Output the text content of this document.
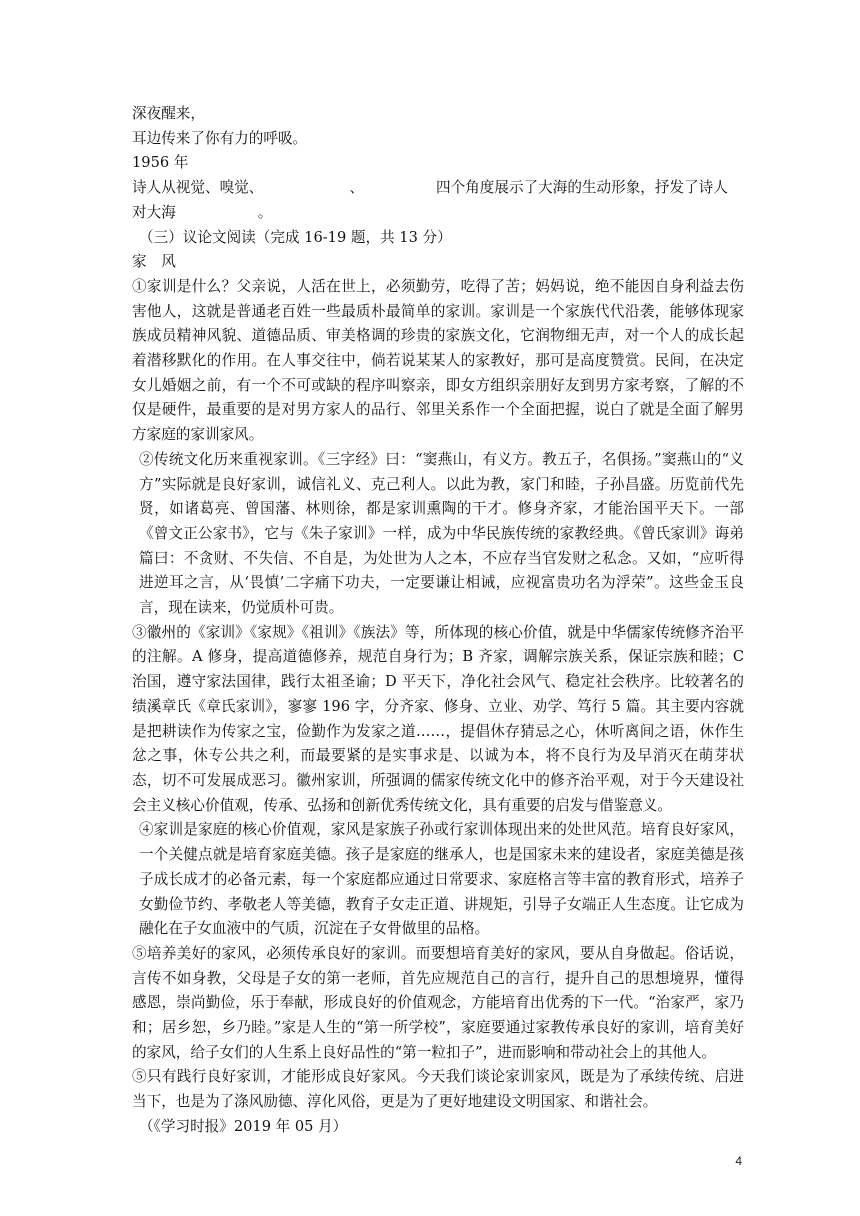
深夜醒来，

耳边传来了你有力的呼吸。

1956 年

诗人从视觉、嗅觉、	、	四个角度展示了大海的生动形象，抒发了诗人

对大海	。

（三）议论文阅读（完成 16-19 题，共 13 分）

家　风

①家训是什么？父亲说，人活在世上，必须勤劳，吃得了苦；妈妈说，绝不能因自身利益去伤害他人，这就是普通老百姓一些最质朴最简单的家训。家训是一个家族代代沿袭，能够体现家族成员精神风貌、道德品质、审美格调的珍贵的家族文化，它润物细无声，对一个人的成长起着潜移默化的作用。在人事交往中，倘若说某某人的家教好，那可是高度赞赏。民间，在决定女儿婚姻之前，有一个不可或缺的程序叫察亲，即女方组织亲朋好友到男方家考察，了解的不仅是硬件，最重要的是对男方家人的品行、邻里关系作一个全面把握，说白了就是全面了解男方家庭的家训家风。

②传统文化历来重视家训。《三字经》曰：“窦燕山，有义方。教五子，名俱扬。”窦燕山的“义方”实际就是良好家训，诚信礼义、克己利人。以此为教，家门和睦，子孙昌盛。历览前代先贤，如诸葛亮、曾国藩、林则徐，都是家训熏陶的干才。修身齐家，才能治国平天下。一部《曾文正公家书》，它与《朱子家训》一样，成为中华民族传统的家教经典。《曾氏家训》诲弟篇曰：不贪财、不失信、不自是，为处世为人之本，不应存当官发财之私念。又如，“应听得进逆耳之言，从‘畏慎’二字痛下功夫，一定要谦让相诫，应视富贵功名为浮荣”。这些金玉良言，现在读来，仍觉质朴可贵。

③徽州的《家训》《家规》《祖训》《族法》等，所体现的核心价值，就是中华儒家传统修齐治平的注解。A 修身，提高道德修养，规范自身行为；B 齐家，调解宗族关系，保证宗族和睦；C 治国，遵守家法国律，践行太祖圣谕；D 平天下，净化社会风气、稳定社会秩序。比较著名的绩溪章氏《章氏家训》，寥寥 196 字，分齐家、修身、立业、劝学、笃行 5 篇。其主要内容就是把耕读作为传家之宝，俭勤作为发家之道……，提倡休存猜忌之心，休听离间之语，休作生忿之事，休专公共之利，而最要紧的是实事求是、以诚为本，将不良行为及早消灭在萌芽状态，切不可发展成恶习。徽州家训，所强调的儒家传统文化中的修齐治平观，对于今天建设社会主义核心价值观，传承、弘扬和创新优秀传统文化，具有重要的启发与借鉴意义。

④家训是家庭的核心价值观，家风是家族子孙或行家训体现出来的处世风范。培育良好家风，一个关健点就是培育家庭美德。孩子是家庭的继承人，也是国家未来的建设者，家庭美德是孩子成长成才的必备元素，每一个家庭都应通过日常要求、家庭格言等丰富的教育形式，培养子女勤俭节约、孝敬老人等美德，教育子女走正道、讲规矩，引导子女端正人生态度。让它成为融化在子女血液中的气质，沉淀在子女骨做里的品格。

⑤培养美好的家风，必须传承良好的家训。而要想培育美好的家风，要从自身做起。俗话说，言传不如身教，父母是子女的第一老师，首先应规范自己的言行，提升自己的思想境界，懂得感恩，崇尚勤俭，乐于奉献，形成良好的价值观念，方能培育出优秀的下一代。“治家严，家乃和；居乡恕，乡乃睦。”家是人生的“第一所学校”，家庭要通过家教传承良好的家训，培育美好的家风，给子女们的人生系上良好品性的“第一粒扣子”，进而影响和带动社会上的其他人。

⑤只有践行良好家训，才能形成良好家风。今天我们谈论家训家风，既是为了承续传统、启进当下，也是为了涤风励德、淳化风俗，更是为了更好地建设文明国家、和谐社会。

（《学习时报》2019 年 05 月）

4
